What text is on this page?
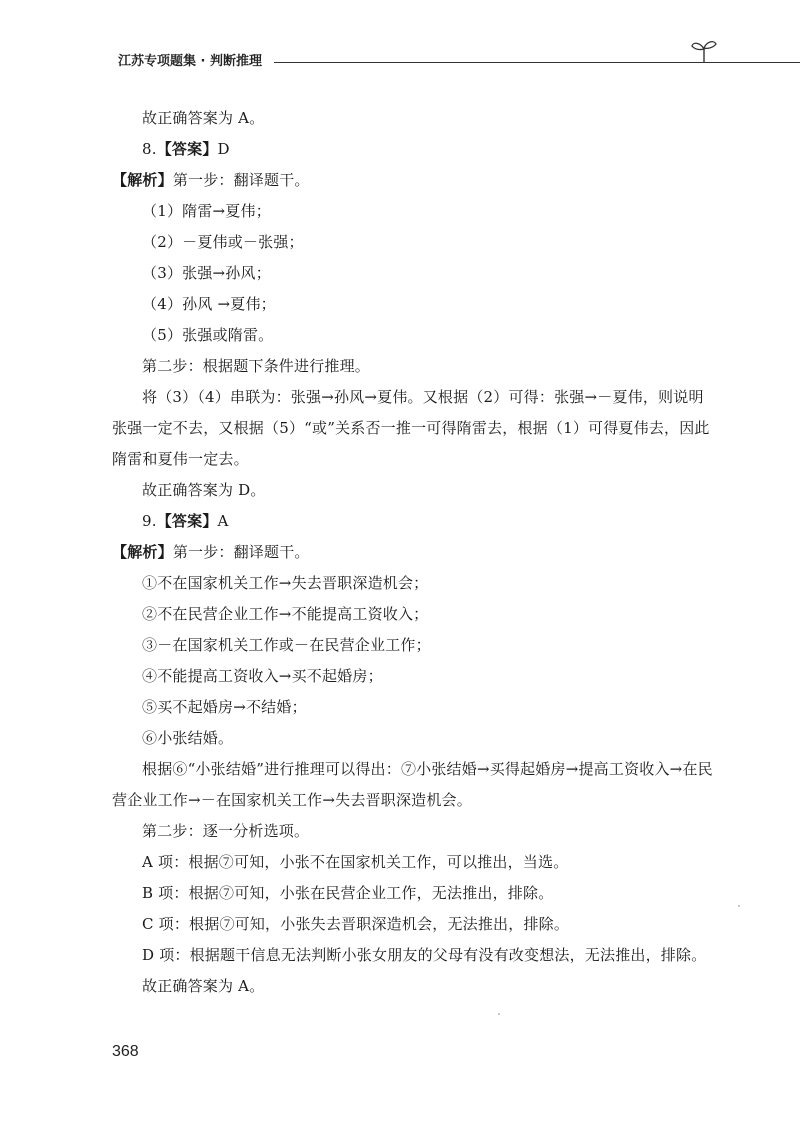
江苏专项题集 · 判断推理

故正确答案为 A。

8.【答案】D

【解析】第一步：翻译题干。

（1）隋雷→夏伟；

（2）－夏伟或－张强；

（3）张强→孙风；

（4）孙风 →夏伟；

（5）张强或隋雷。

第二步：根据题下条件进行推理。

将（3）（4）串联为：张强→孙风→夏伟。又根据（2）可得：张强→－夏伟，则说明张强一定不去，又根据（5）“或”关系否一推一可得隋雷去，根据（1）可得夏伟去，因此隋雷和夏伟一定去。

故正确答案为 D。

9.【答案】A

【解析】第一步：翻译题干。

①不在国家机关工作→失去晋职深造机会；

②不在民营企业工作→不能提高工资收入；

③－在国家机关工作或－在民营企业工作；

④不能提高工资收入→买不起婚房；

⑤买不起婚房→不结婚；

⑥小张结婚。

根据⑥“小张结婚”进行推理可以得出：⑦小张结婚→买得起婚房→提高工资收入→在民营企业工作→－在国家机关工作→失去晋职深造机会。

第二步：逐一分析选项。

A 项：根据⑦可知，小张不在国家机关工作，可以推出，当选。

B 项：根据⑦可知，小张在民营企业工作，无法推出，排除。

C 项：根据⑦可知，小张失去晋职深造机会，无法推出，排除。

D 项：根据题干信息无法判断小张女朋友的父母有没有改变想法，无法推出，排除。

故正确答案为 A。

368
